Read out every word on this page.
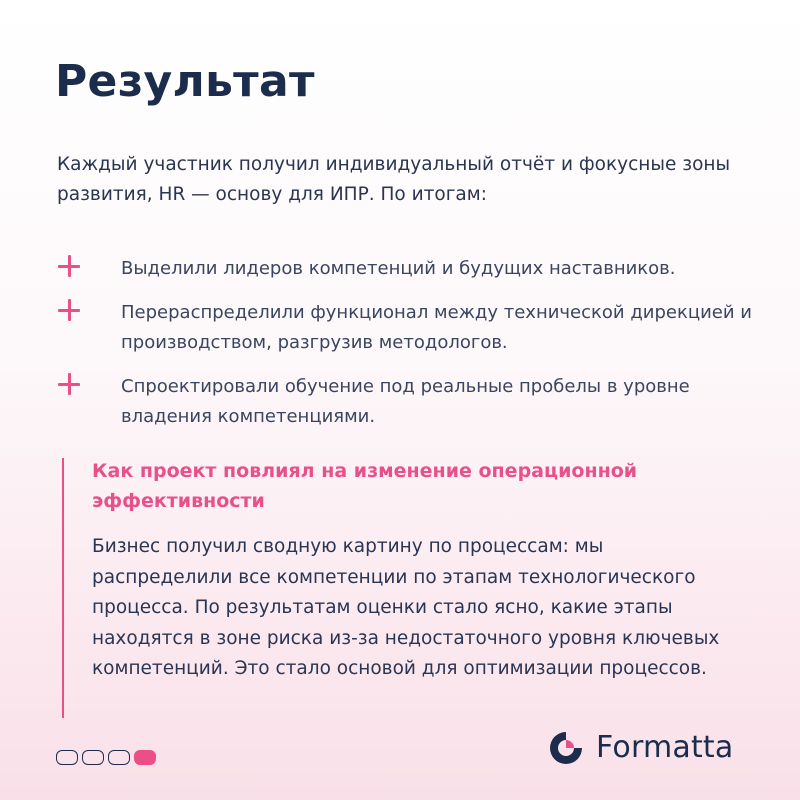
Результат
Каждый участник получил индивидуальный отчёт и фокусные зоны развития, HR — основу для ИПР. По итогам:
Выделили лидеров компетенций и будущих наставников.
Перераспределили функционал между технической дирекцией и производством, разгрузив методологов.
Спроектировали обучение под реальные пробелы в уровне владения компетенциями.
Как проект повлиял на изменение операционной эффективности
Бизнес получил сводную картину по процессам: мы распределили все компетенции по этапам технологического процесса. По результатам оценки стало ясно, какие этапы находятся в зоне риска из-за недостаточного уровня ключевых компетенций. Это стало основой для оптимизации процессов.
Formatta
